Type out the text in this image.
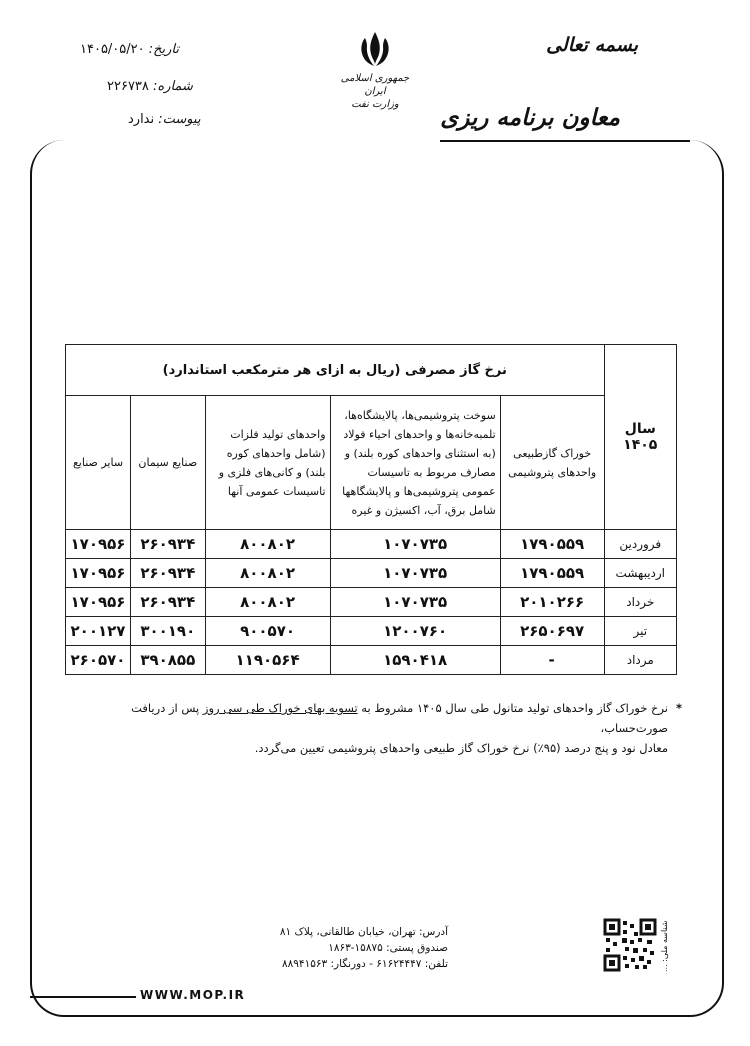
بسمه تعالی
معاون برنامه ریزی
جمهوری اسلامی ایران
وزارت نفت
تاریخ: ۱۴۰۵/۰۵/۲۰
شماره: ۲۲۶۷۳۸
پیوست: ندارد
سال ۱۴۰۵	نرخ گاز مصرفی (ریال به ازای هر مترمکعب استاندارد)				
	خوراک گاز‌طبیعی واحدهای پتروشیمی	سوخت پتروشیمی‌ها، پالایشگاه‌ها، تلمبه‌خانه‌ها و واحدهای احیاء فولاد (به استثنای واحدهای کوره بلند) و مصارف مربوط به تاسیسات عمومی پتروشیمی‌ها و پالایشگاهها شامل برق، آب، اکسیژن و غیره	واحدهای تولید فلزات (شامل واحدهای کوره بلند) و کانی‌های فلزی و تاسیسات عمومی آنها	صنایع سیمان	سایر صنایع
فروردین	۱۷۹۰۵۵۹	۱۰۷۰۷۳۵	۸۰۰۸۰۲	۲۶۰۹۳۴	۱۷۰۹۵۶
اردیبهشت	۱۷۹۰۵۵۹	۱۰۷۰۷۳۵	۸۰۰۸۰۲	۲۶۰۹۳۴	۱۷۰۹۵۶
خرداد	۲۰۱۰۲۶۶	۱۰۷۰۷۳۵	۸۰۰۸۰۲	۲۶۰۹۳۴	۱۷۰۹۵۶
تیر	۲۶۵۰۶۹۷	۱۲۰۰۷۶۰	۹۰۰۵۷۰	۳۰۰۱۹۰	۲۰۰۱۲۷
مرداد	-	۱۵۹۰۴۱۸	۱۱۹۰۵۶۴	۳۹۰۸۵۵	۲۶۰۵۷۰
*
نرخ خوراک گاز واحدهای تولید متانول طی سال ۱۴۰۵ مشروط به تسویه بهای خوراک طی سی روز پس از دریافت صورت‌حساب،
معادل نود و پنج درصد (۹۵٪) نرخ خوراک گاز طبیعی واحدهای پتروشیمی تعیین می‌گردد.
آدرس: تهران، خیابان طالقانی، پلاک ۸۱
صندوق پستی: ۱۵۸۷۵-۱۸۶۳
تلفن: ۶۱۶۲۴۴۴۷ - دورنگار: ۸۸۹۴۱۵۶۳	شناسه ملی: ...
WWW.MOP.IR
